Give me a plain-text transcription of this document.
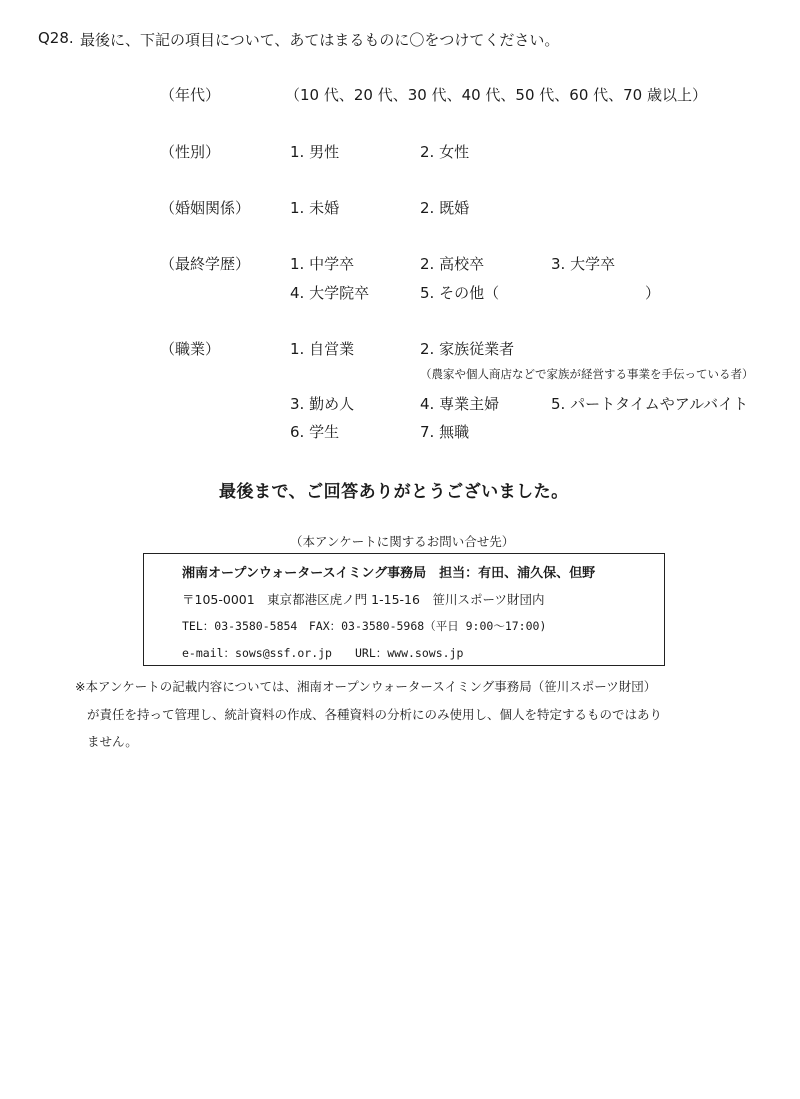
Q28. 最後に、下記の項目について、あてはまるものに〇をつけてください。
（年代）	（10 代、20 代、30 代、40 代、50 代、60 代、70 歳以上）
（性別）	1. 男性	2. 女性
（婚姻関係）	1. 未婚	2. 既婚
（最終学歴）	1. 中学卒	2. 高校卒	3. 大学卒
4. 大学院卒	5. その他（	）
（職業）	1. 自営業	2. 家族従業者
（農家や個人商店などで家族が経営する事業を手伝っている者）
3. 勤め人	4. 専業主婦	5. パートタイムやアルバイト
6. 学生	7. 無職
最後まで、ご回答ありがとうございました。
（本アンケートに関するお問い合せ先）
湘南オープンウォータースイミング事務局　担当：有田、浦久保、但野
〒105-0001　東京都港区虎ノ門 1-15-16　笹川スポーツ財団内
TEL：03-3580-5854　FAX：03-3580-5968（平日 9:00～17:00)
e-mail：sows@ssf.or.jp　　URL：www.sows.jp
※本アンケートの記載内容については、湘南オープンウォータースイミング事務局（笹川スポーツ財団）
が責任を持って管理し、統計資料の作成、各種資料の分析にのみ使用し、個人を特定するものではあり
ません。
